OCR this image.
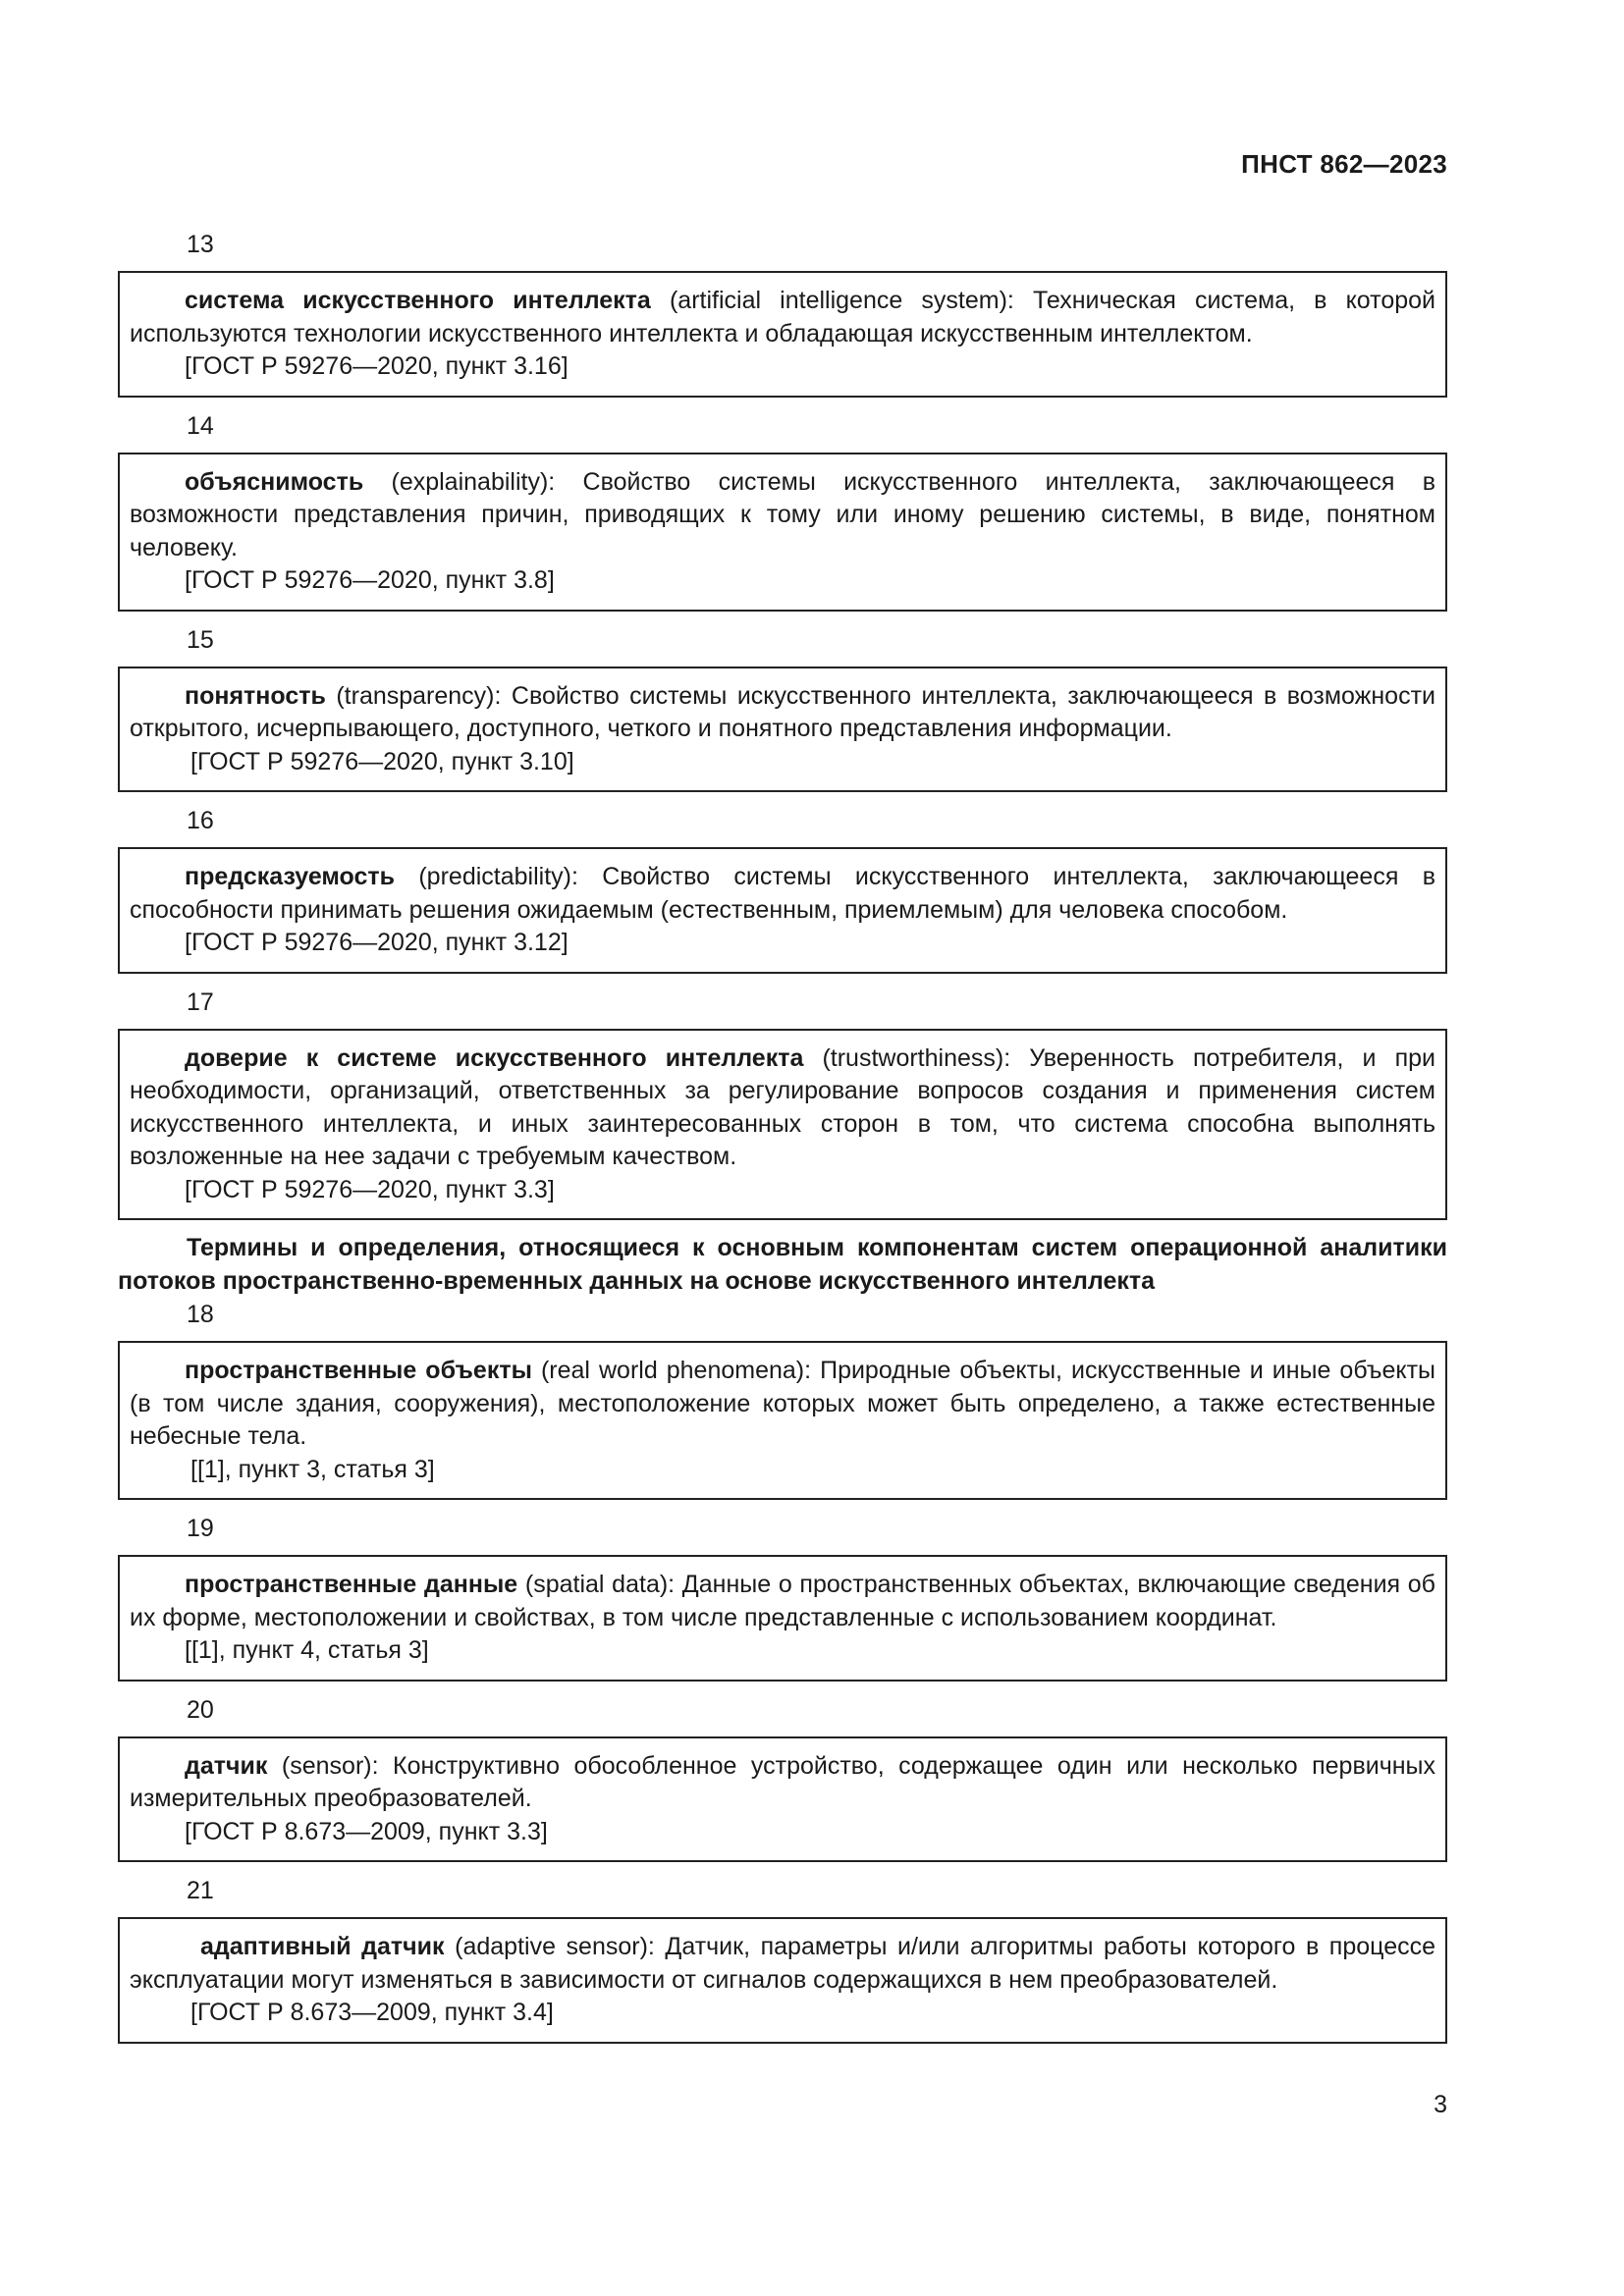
ПНСТ 862—2023
13

система искусственного интеллекта (artificial intelligence system): Техническая система, в которой используются технологии искусственного интеллекта и обладающая искусственным интеллектом.

[ГОСТ Р 59276—2020, пункт 3.16]

14

объяснимость (explainability): Свойство системы искусственного интеллекта, заключающееся в возможности представления причин, приводящих к тому или иному решению системы, в виде, понятном человеку.

[ГОСТ Р 59276—2020, пункт 3.8]

15

понятность (transparency): Свойство системы искусственного интеллекта, заключающееся в возможности открытого, исчерпывающего, доступного, четкого и понятного представления информации.

[ГОСТ Р 59276—2020, пункт 3.10]

16

предсказуемость (predictability): Свойство системы искусственного интеллекта, заключающееся в способности принимать решения ожидаемым (естественным, приемлемым) для человека способом.

[ГОСТ Р 59276—2020, пункт 3.12]

17

доверие к системе искусственного интеллекта (trustworthiness): Уверенность потребителя, и при необходимости, организаций, ответственных за регулирование вопросов создания и применения систем искусственного интеллекта, и иных заинтересованных сторон в том, что система способна выполнять возложенные на нее задачи с требуемым качеством.

[ГОСТ Р 59276—2020, пункт 3.3]

Термины и определения, относящиеся к основным компонентам систем операционной аналитики потоков пространственно-временных данных на основе искусственного интеллекта
18

пространственные объекты (real world phenomena): Природные объекты, искусственные и иные объекты (в том числе здания, сооружения), местоположение которых может быть определено, а также естественные небесные тела.

[[1], пункт 3, статья 3]

19

пространственные данные (spatial data): Данные о пространственных объектах, включающие сведения об их форме, местоположении и свойствах, в том числе представленные с использованием координат.

[[1], пункт 4, статья 3]

20

датчик (sensor): Конструктивно обособленное устройство, содержащее один или несколько первичных измерительных преобразователей.

[ГОСТ Р 8.673—2009, пункт 3.3]

21

адаптивный датчик (adaptive sensor): Датчик, параметры и/или алгоритмы работы которого в процессе эксплуатации могут изменяться в зависимости от сигналов содержащихся в нем преобразователей.

[ГОСТ Р 8.673—2009, пункт 3.4]

3
